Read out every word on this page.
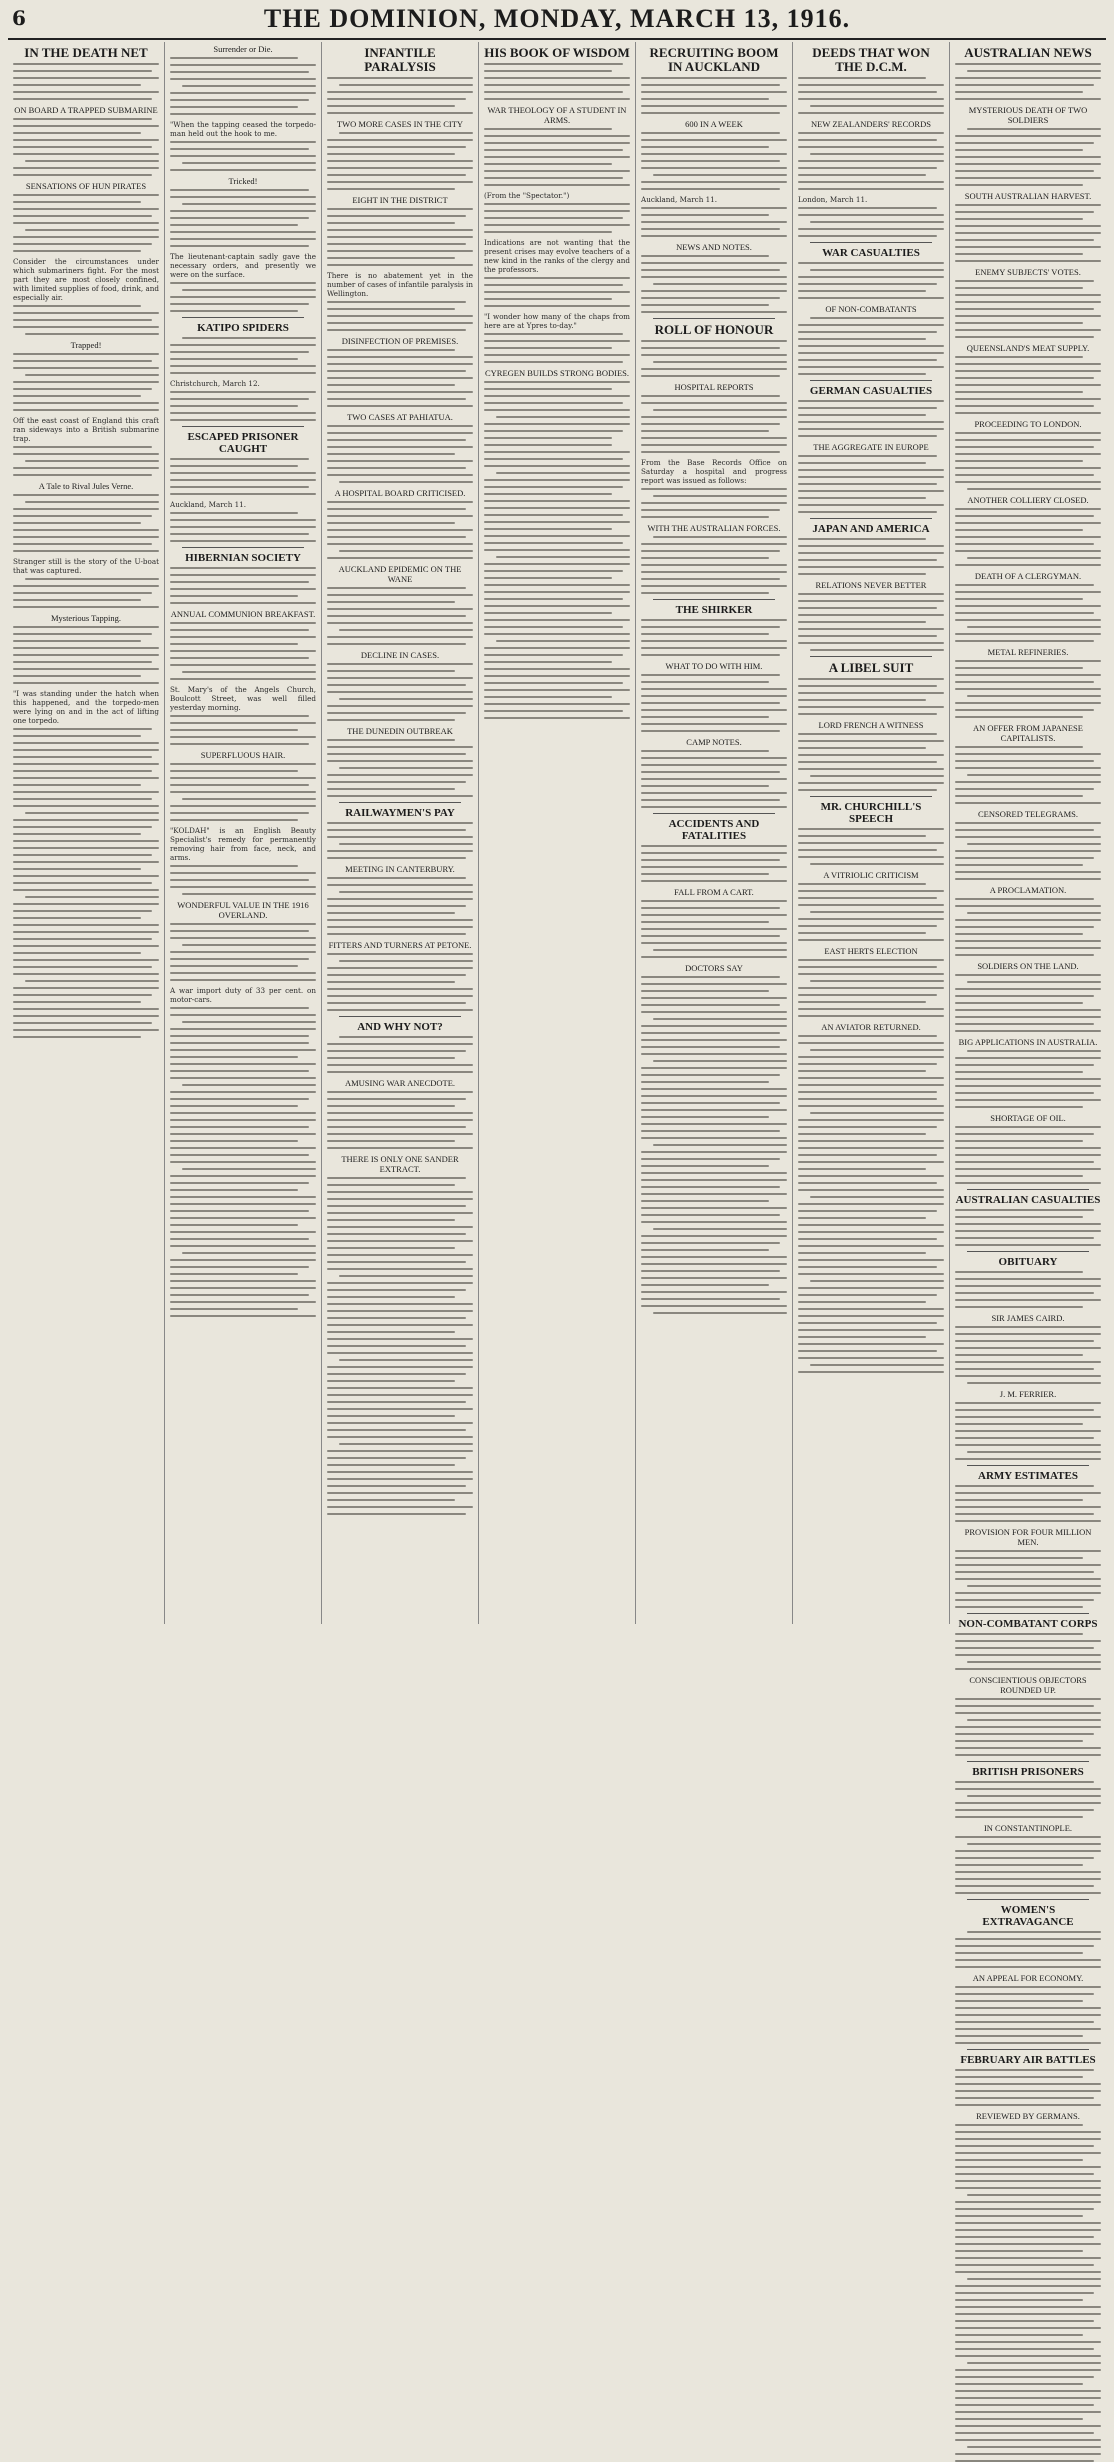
6	THE DOMINION, MONDAY, MARCH 13, 1916.
IN THE DEATH NET
ON BOARD A TRAPPED SUBMARINE
SENSATIONS OF HUN PIRATES
Consider the circumstances under which submariners fight. For the most part they are most closely confined, with limited supplies of food, drink, and especially air.
Trapped!
Off the east coast of England this craft ran sideways into a British submarine trap.
A Tale to Rival Jules Verne.
Stranger still is the story of the U-boat that was captured.
Mysterious Tapping.
"I was standing under the hatch when this happened, and the torpedo-men were lying on and in the act of lifting one torpedo.
Surrender or Die.
"When the tapping ceased the torpedo-man held out the hook to me.
Tricked!
The lieutenant-captain sadly gave the necessary orders, and presently we were on the surface.
KATIPO SPIDERS
Christchurch, March 12.
ESCAPED PRISONER CAUGHT
Auckland, March 11.
HIBERNIAN SOCIETY
ANNUAL COMMUNION BREAKFAST.
St. Mary's of the Angels Church, Boulcott Street, was well filled yesterday morning.
SUPERFLUOUS HAIR.
"KOLDAH" is an English Beauty Specialist's remedy for permanently removing hair from face, neck, and arms.
WONDERFUL VALUE IN THE 1916 OVERLAND.
A war import duty of 33 per cent. on motor-cars.
INFANTILE PARALYSIS
TWO MORE CASES IN THE CITY
EIGHT IN THE DISTRICT
There is no abatement yet in the number of cases of infantile paralysis in Wellington.
DISINFECTION OF PREMISES.
TWO CASES AT PAHIATUA.
A HOSPITAL BOARD CRITICISED.
AUCKLAND EPIDEMIC ON THE WANE
DECLINE IN CASES.
THE DUNEDIN OUTBREAK
RAILWAYMEN'S PAY
MEETING IN CANTERBURY.
FITTERS AND TURNERS AT PETONE.
AND WHY NOT?
AMUSING WAR ANECDOTE.
THERE IS ONLY ONE SANDER EXTRACT.
HIS BOOK OF WISDOM
WAR THEOLOGY OF A STUDENT IN ARMS.
(From the "Spectator.")
Indications are not wanting that the present crises may evolve teachers of a new kind in the ranks of the clergy and the professors.
"I wonder how many of the chaps from here are at Ypres to-day."
CYREGEN BUILDS STRONG BODIES.
RECRUITING BOOM IN AUCKLAND
600 IN A WEEK
Auckland, March 11.
NEWS AND NOTES.
ROLL OF HONOUR
HOSPITAL REPORTS
From the Base Records Office on Saturday a hospital and progress report was issued as follows:
WITH THE AUSTRALIAN FORCES.
THE SHIRKER
WHAT TO DO WITH HIM.
CAMP NOTES.
ACCIDENTS AND FATALITIES
FALL FROM A CART.
DOCTORS SAY
DEEDS THAT WON THE D.C.M.
NEW ZEALANDERS' RECORDS
London, March 11.
WAR CASUALTIES
OF NON-COMBATANTS
GERMAN CASUALTIES
THE AGGREGATE IN EUROPE
JAPAN AND AMERICA
RELATIONS NEVER BETTER
A LIBEL SUIT
LORD FRENCH A WITNESS
MR. CHURCHILL'S SPEECH
A VITRIOLIC CRITICISM
EAST HERTS ELECTION
AN AVIATOR RETURNED.
AUSTRALIAN NEWS
MYSTERIOUS DEATH OF TWO SOLDIERS
SOUTH AUSTRALIAN HARVEST.
ENEMY SUBJECTS' VOTES.
QUEENSLAND'S MEAT SUPPLY.
PROCEEDING TO LONDON.
ANOTHER COLLIERY CLOSED.
DEATH OF A CLERGYMAN.
METAL REFINERIES.
AN OFFER FROM JAPANESE CAPITALISTS.
CENSORED TELEGRAMS.
A PROCLAMATION.
SOLDIERS ON THE LAND.
BIG APPLICATIONS IN AUSTRALIA.
SHORTAGE OF OIL.
AUSTRALIAN CASUALTIES
OBITUARY
SIR JAMES CAIRD.
J. M. FERRIER.
ARMY ESTIMATES
PROVISION FOR FOUR MILLION MEN.
NON-COMBATANT CORPS
CONSCIENTIOUS OBJECTORS ROUNDED UP.
BRITISH PRISONERS
IN CONSTANTINOPLE.
WOMEN'S EXTRAVAGANCE
AN APPEAL FOR ECONOMY.
FEBRUARY AIR BATTLES
REVIEWED BY GERMANS.
